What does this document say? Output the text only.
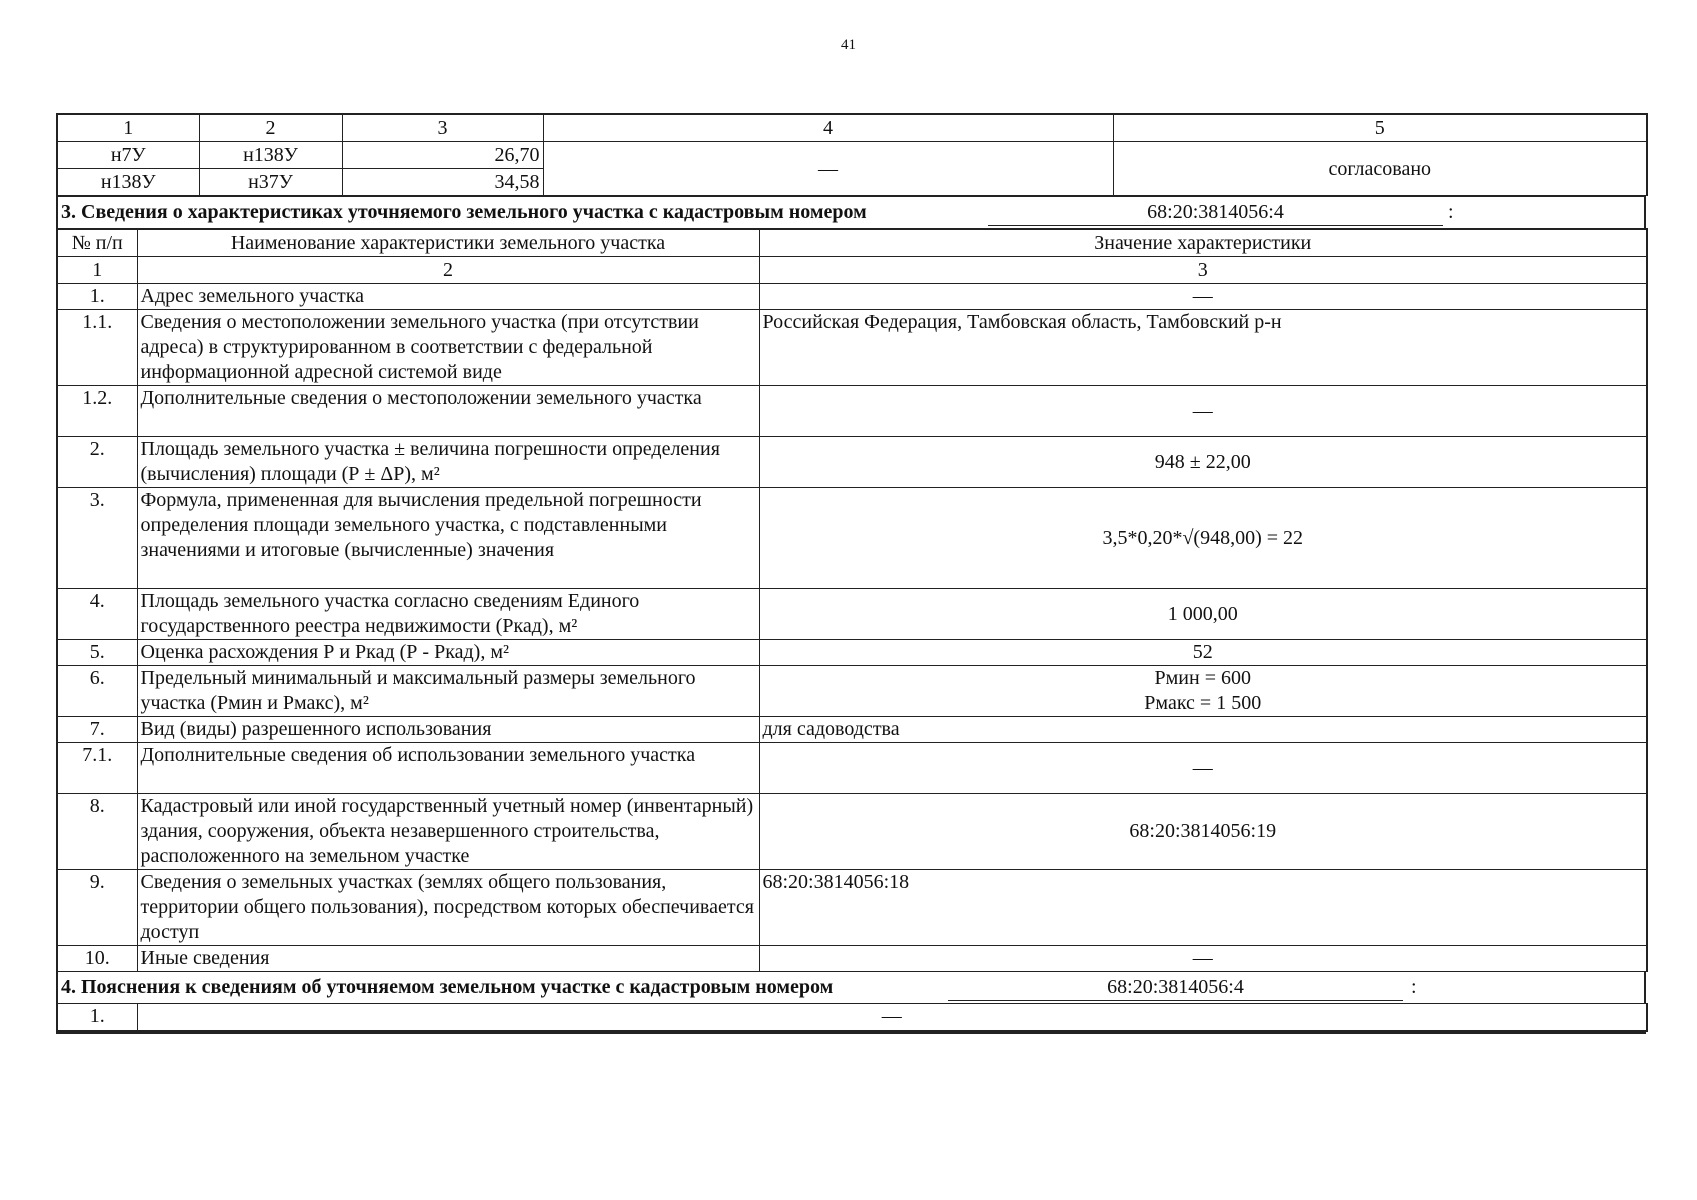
41
1	2	3	4	5
н7У	н138У	26,70	—	согласовано
н138У	н37У	34,58		
3. Сведения о характеристиках уточняемого земельного участка с кадастровым номером	68:20:3814056:4	:
№ п/п	Наименование характеристики земельного участка	Значение характеристики
1	2	3
1.	Адрес земельного участка	—
1.1.	Сведения о местоположении земельного участка (при отсутствии адреса) в структурированном в соответствии с федеральной информационной адресной системой виде	Российская Федерация, Тамбовская область, Тамбовский р-н
1.2.	Дополнительные сведения о местоположении земельного участка	—
2.	Площадь земельного участка ± величина погрешности определения (вычисления) площади (Р ± ΔР), м²	948 ± 22,00
3.	Формула, примененная для вычисления предельной погрешности определения площади земельного участка, с подставленными значениями и итоговые (вычисленные) значения	3,5*0,20*√(948,00) = 22
4.	Площадь земельного участка согласно сведениям Единого государственного реестра недвижимости (Ркад), м²	1 000,00
5.	Оценка расхождения Р и Ркад (Р - Ркад), м²	52
6.	Предельный минимальный и максимальный размеры земельного участка (Рмин и Рмакс), м²	Рмин = 600
Рмакс = 1 500

7.	Вид (виды) разрешенного использования	для садоводства
7.1.	Дополнительные сведения об использовании земельного участка	—
8.	Кадастровый или иной государственный учетный номер (инвентарный) здания, сооружения, объекта незавершенного строительства, расположенного на земельном участке	68:20:3814056:19
9.	Сведения о земельных участках (землях общего пользования, территории общего пользования), посредством которых обеспечивается доступ	68:20:3814056:18
10.	Иные сведения	—
4. Пояснения к сведениям об уточняемом земельном участке с кадастровым номером	68:20:3814056:4	:
1.	—
